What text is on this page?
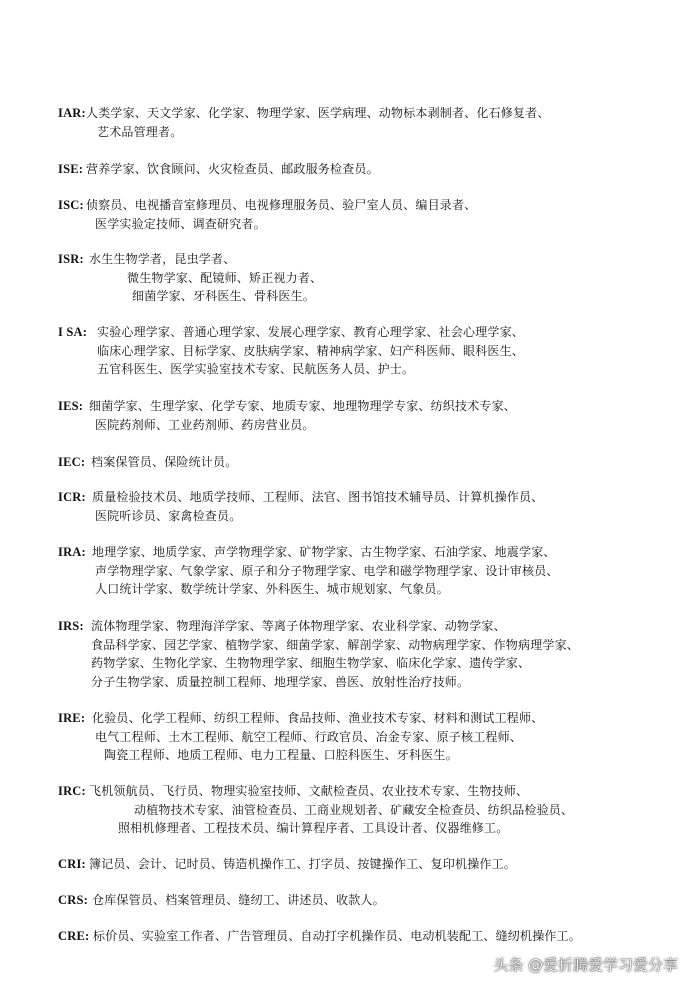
IAR: 人类学家、天文学家、化学家、物理学家、医学病理、动物标本剥制者、化石修复者、
艺术品管理者。
ISE: 营养学家、饮食顾问、火灾检查员、邮政服务检查员。
ISC: 侦察员、电视播音室修理员、电视修理服务员、验尸室人员、编目录者、
医学实验定技师、调查研究者。
ISR: 水生生物学者，昆虫学者、
微生物学家、配镜师、矫正视力者、
细菌学家、牙科医生、骨科医生。
I SA: 实验心理学家、普通心理学家、发展心理学家、教育心理学家、社会心理学家、
临床心理学家、目标学家、皮肤病学家、精神病学家、妇产科医师、眼科医生、
五官科医生、医学实验室技术专家、民航医务人员、护士。
IES: 细菌学家、生理学家、化学专家、地质专家、地理物理学专家、纺织技术专家、
医院药剂师、工业药剂师、药房营业员。
IEC: 档案保管员、保险统计员。
ICR: 质量检验技术员、地质学技师、工程师、法官、图书馆技术辅导员、计算机操作员、
医院听诊员、家禽检查员。
IRA: 地理学家、地质学家、声学物理学家、矿物学家、古生物学家、石油学家、地震学家、
声学物理学家、气象学家、原子和分子物理学家、电学和磁学物理学家、设计审核员、
人口统计学家、数学统计学家、外科医生、城市规划家、气象员。
IRS: 流体物理学家、物理海洋学家、等离子体物理学家、农业科学家、动物学家、
食品科学家、园艺学家、植物学家、细菌学家、解剖学家、动物病理学家、作物病理学家、
药物学家、生物化学家、生物物理学家、细胞生物学家、临床化学家、遗传学家、
分子生物学家、质量控制工程师、地理学家、兽医、放射性治疗技师。
IRE: 化验员、化学工程师、纺织工程师、食品技师、渔业技术专家、材料和测试工程师、
电气工程师、土木工程师、航空工程师、行政官员、冶金专家、原子核工程师、
陶瓷工程师、地质工程师、电力工程量、口腔科医生、牙科医生。
IRC: 飞机领航员、飞行员、物理实验室技师、文献检查员、农业技术专家、生物技师、
动植物技术专家、油管检查员、工商业规划者、矿藏安全检查员、纺织品检验员、
照相机修理者、工程技术员、编计算程序者、工具设计者、仪器维修工。
CRI: 簿记员、会计、记时员、铸造机操作工、打字员、按键操作工、复印机操作工。
CRS: 仓库保管员、档案管理员、缝纫工、讲述员、收款人。
CRE: 标价员、实验室工作者、广告管理员、自动打字机操作员、电动机装配工、缝纫机操作工。
头条 @爱折腾爱学习爱分享
